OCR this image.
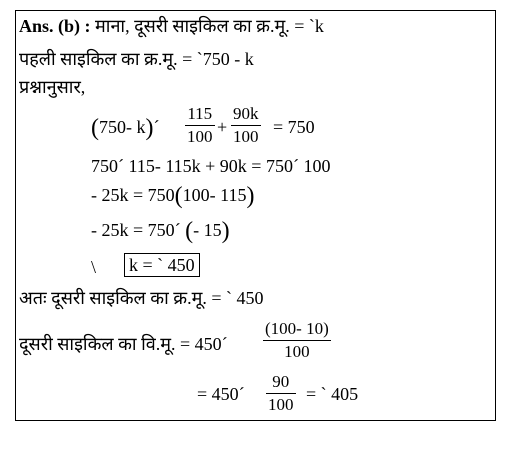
Ans. (b) : माना, दूसरी साइकिल का क्र.मू. = `k
पहली साइकिल का क्र.मू. = `750 - k
प्रश्नानुसार,
(750- k)´
115
100 +
90k
100 = 750
750´ 115- 115k + 90k = 750´ 100
- 25k = 750(100- 115)
- 25k = 750´ (- 15)
\ k = ` 450
अतः दूसरी साइकिल का क्र.मू. = ` 450
दूसरी साइकिल का वि.मू. = 450´
(100- 10)
100
= 450´
90
100
= ` 405
